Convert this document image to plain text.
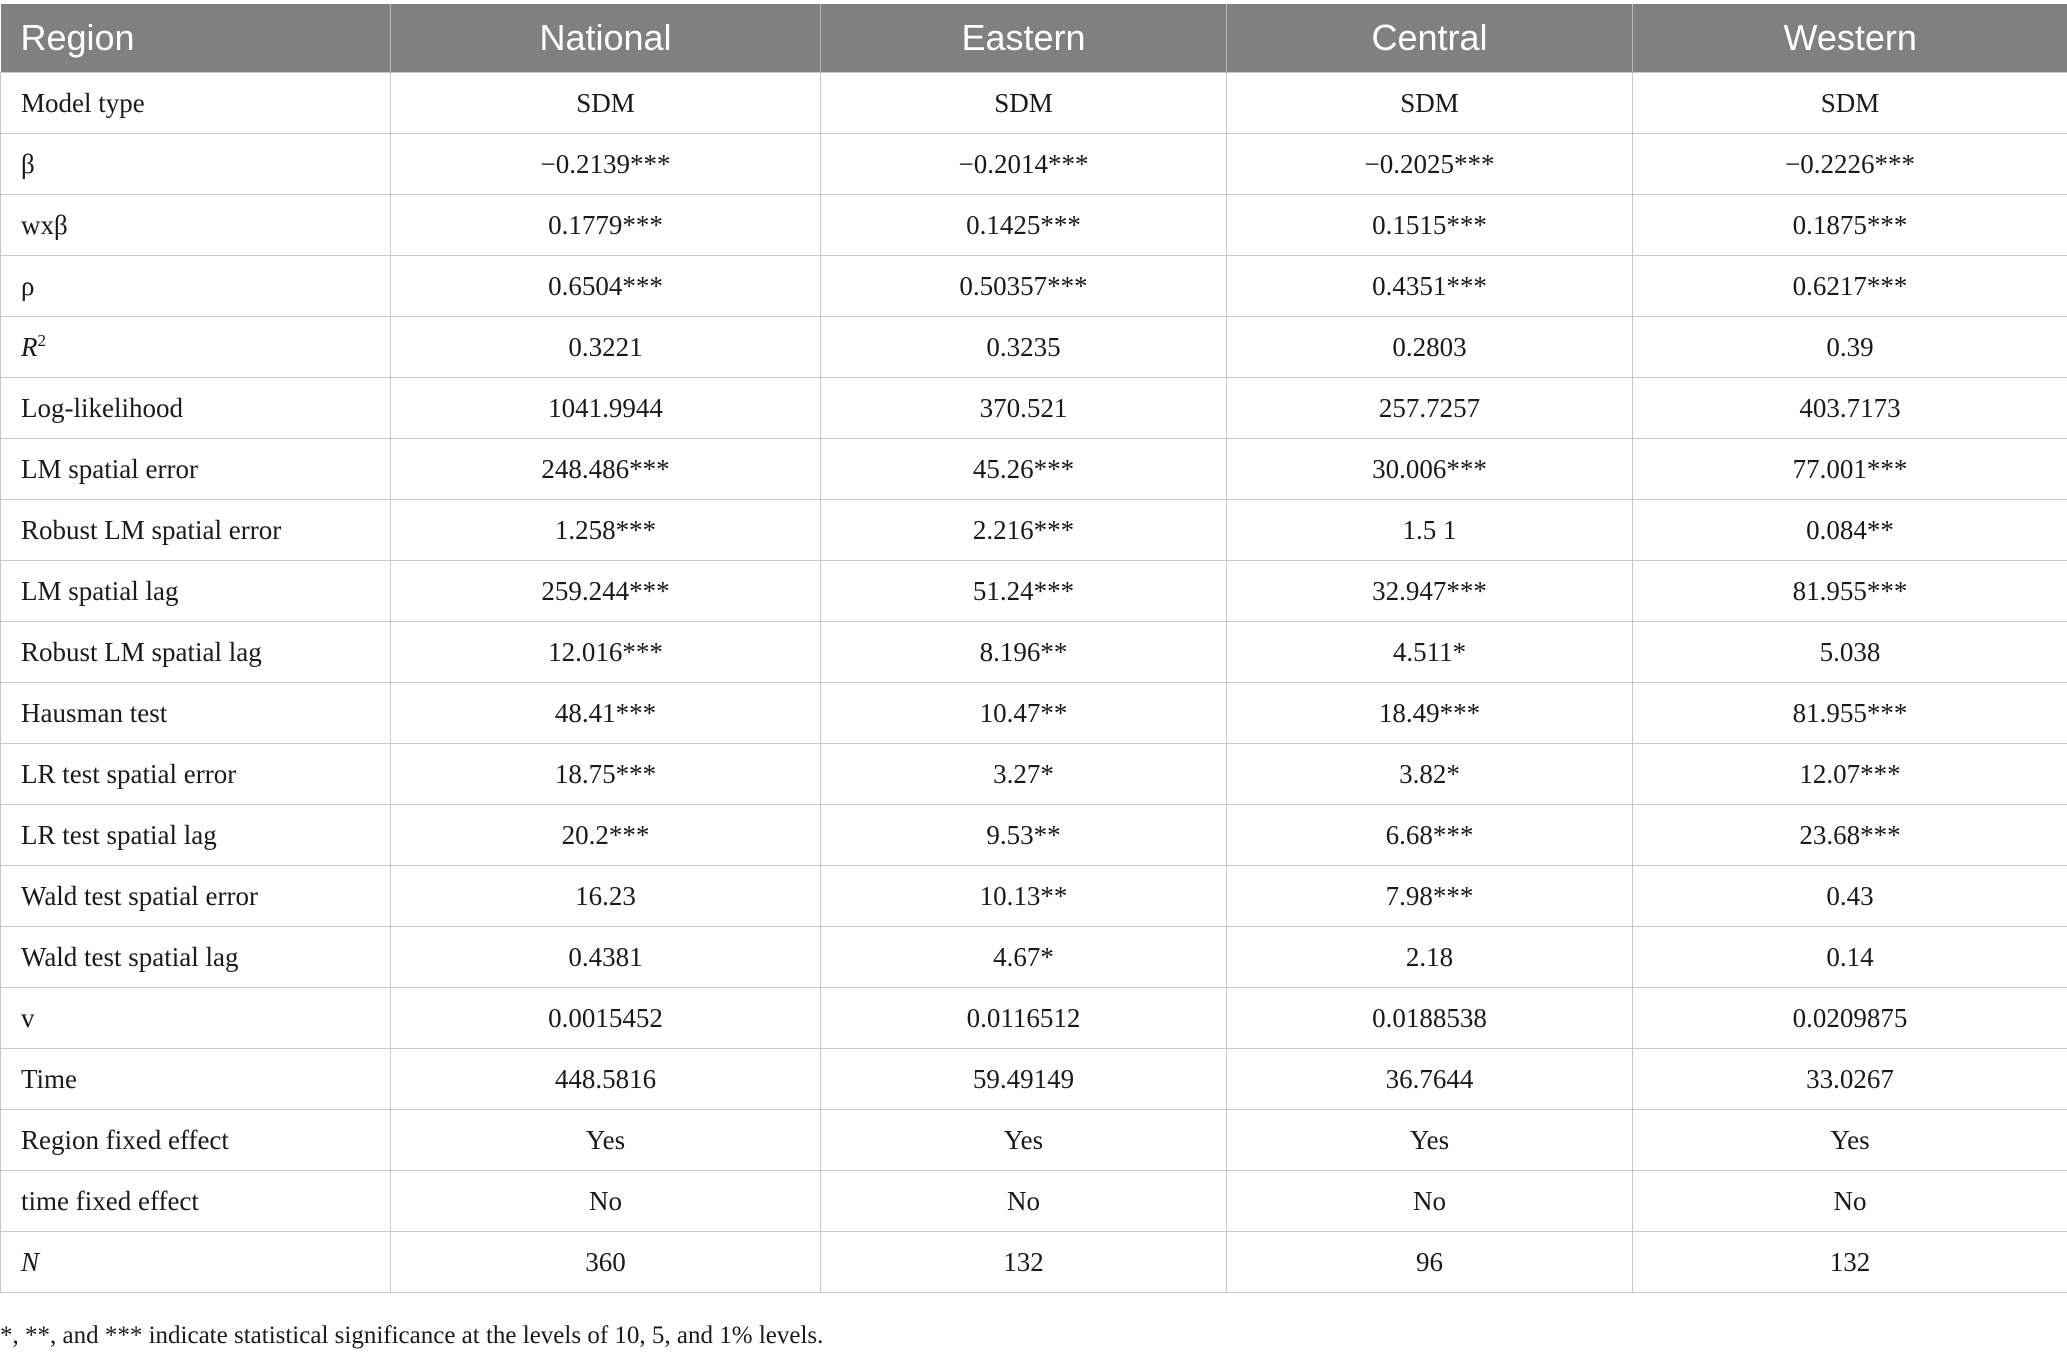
Region	National	Eastern	Central	Western
Model type	SDM	SDM	SDM	SDM
β	−0.2139***	−0.2014***	−0.2025***	−0.2226***
wxβ	0.1779***	0.1425***	0.1515***	0.1875***
ρ	0.6504***	0.50357***	0.4351***	0.6217***
$R^2$	0.3221	0.3235	0.2803	0.39
Log-likelihood	1041.9944	370.521	257.7257	403.7173
LM spatial error	248.486***	45.26***	30.006***	77.001***
Robust LM spatial error	1.258***	2.216***	1.5 1	0.084**
LM spatial lag	259.244***	51.24***	32.947***	81.955***
Robust LM spatial lag	12.016***	8.196**	4.511*	5.038
Hausman test	48.41***	10.47**	18.49***	81.955***
LR test spatial error	18.75***	3.27*	3.82*	12.07***
LR test spatial lag	20.2***	9.53**	6.68***	23.68***
Wald test spatial error	16.23	10.13**	7.98***	0.43
Wald test spatial lag	0.4381	4.67*	2.18	0.14
v	0.0015452	0.0116512	0.0188538	0.0209875
Time	448.5816	59.49149	36.7644	33.0267
Region fixed effect	Yes	Yes	Yes	Yes
time fixed effect	No	No	No	No
N	360	132	96	132
*, **, and *** indicate statistical significance at the levels of 10, 5, and 1% levels.
